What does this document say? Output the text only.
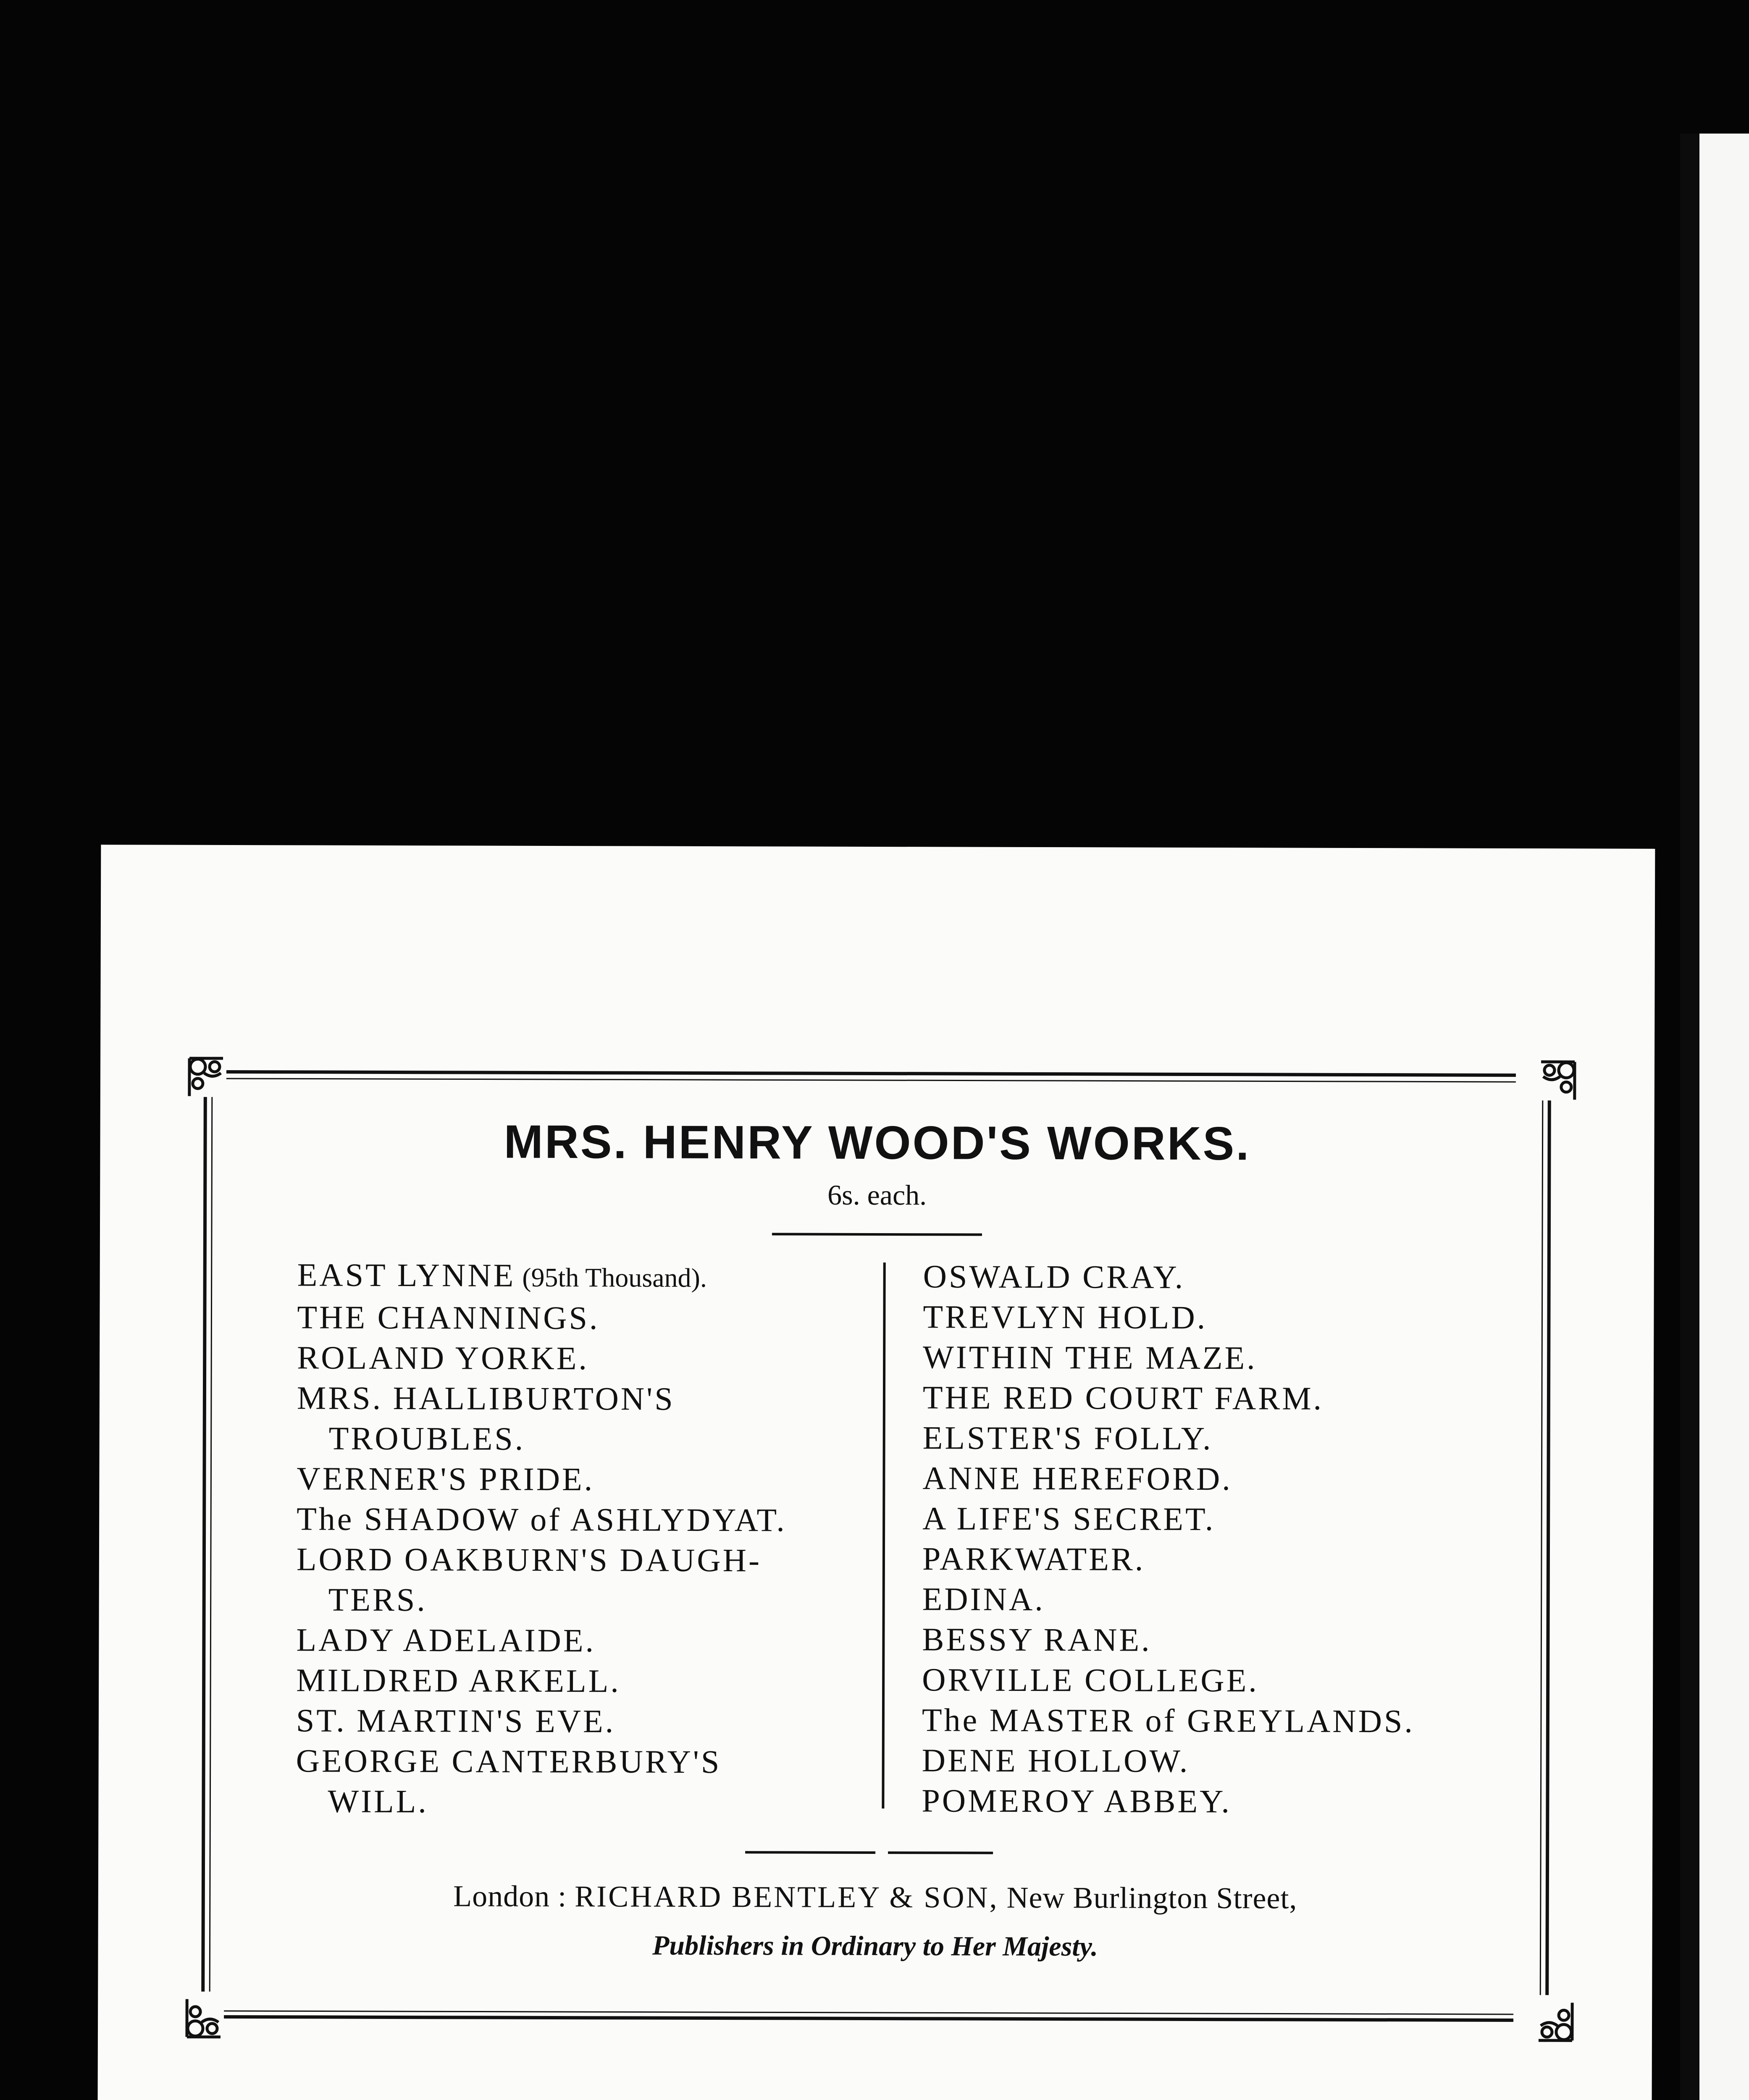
MRS. HENRY WOOD'S WORKS.
6s. each.
EAST LYNNE (95th Thousand).
THE CHANNINGS.
ROLAND YORKE.
MRS. HALLIBURTON'S
TROUBLES.
VERNER'S PRIDE.
The SHADOW of ASHLYDYAT.
LORD OAKBURN'S DAUGH-
TERS.
LADY ADELAIDE.
MILDRED ARKELL.
ST. MARTIN'S EVE.
GEORGE CANTERBURY'S
WILL.
OSWALD CRAY.
TREVLYN HOLD.
WITHIN THE MAZE.
THE RED COURT FARM.
ELSTER'S FOLLY.
ANNE HEREFORD.
A LIFE'S SECRET.
PARKWATER.
EDINA.
BESSY RANE.
ORVILLE COLLEGE.
The MASTER of GREYLANDS.
DENE HOLLOW.
POMEROY ABBEY.
London : RICHARD BENTLEY & SON, New Burlington Street,
Publishers in Ordinary to Her Majesty.
